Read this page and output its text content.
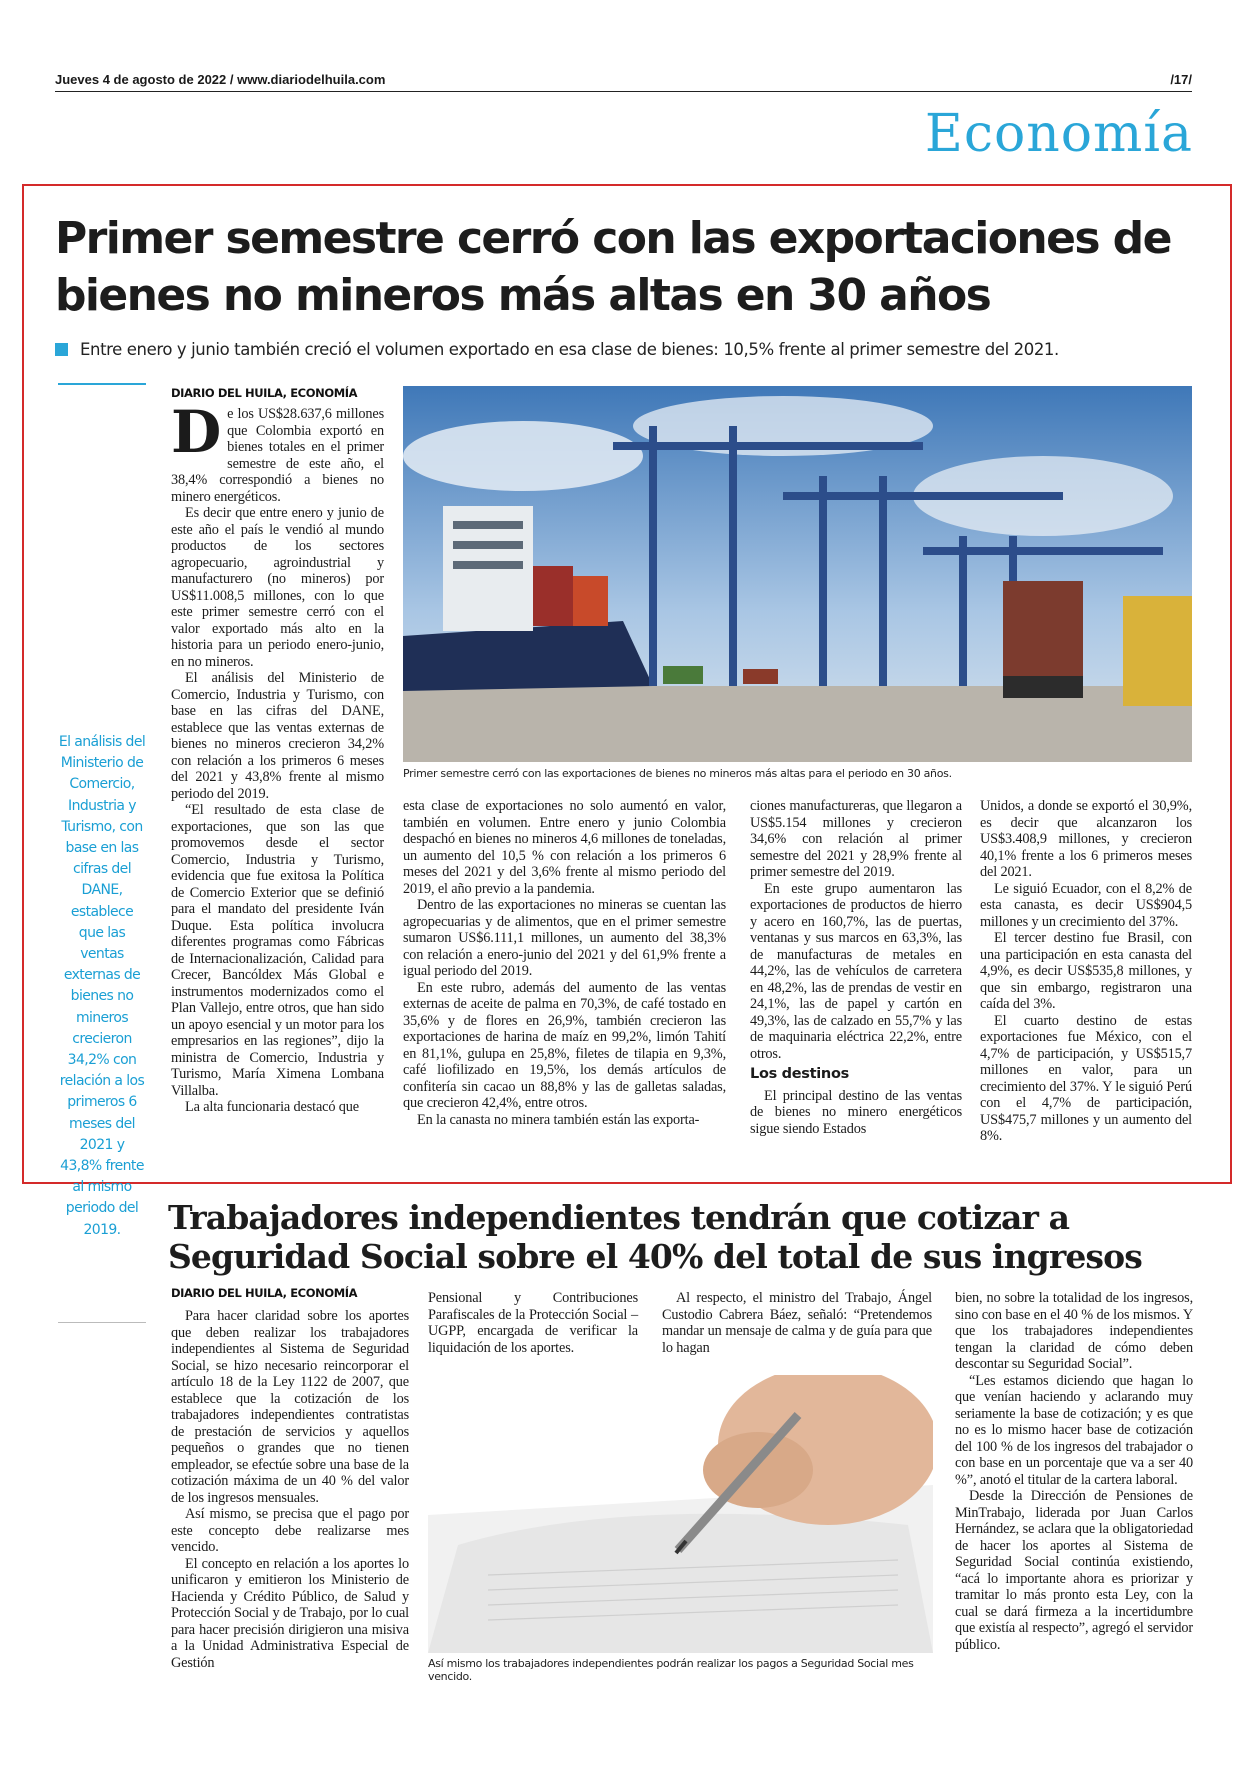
Jueves 4 de agosto de 2022 / www.diariodelhuila.com	/17/
Economía
Primer semestre cerró con las exportaciones de bienes no mineros más altas en 30 años
Entre enero y junio también creció el volumen exportado en esa clase de bienes: 10,5% frente al primer semestre del 2021.
El análisis del Ministerio de Comercio, Industria y Turismo, con base en las cifras del DANE, establece que las ventas externas de bienes no mineros crecieron 34,2% con relación a los primeros 6 meses del 2021 y 43,8% frente al mismo periodo del 2019.
DIARIO DEL HUILA, ECONOMÍA

De los US$28.637,6 millones que Colombia exportó en bienes totales en el primer semestre de este año, el 38,4% correspondió a bienes no minero energéticos.

Es decir que entre enero y junio de este año el país le vendió al mundo productos de los sectores agropecuario, agroindustrial y manufacturero (no mineros) por US$11.008,5 millones, con lo que este primer semestre cerró con el valor exportado más alto en la historia para un periodo enero-junio, en no mineros.

El análisis del Ministerio de Comercio, Industria y Turismo, con base en las cifras del DANE, establece que las ventas externas de bienes no mineros crecieron 34,2% con relación a los primeros 6 meses del 2021 y 43,8% frente al mismo periodo del 2019.

“El resultado de esta clase de exportaciones, que son las que promovemos desde el sector Comercio, Industria y Turismo, evidencia que fue exitosa la Política de Comercio Exterior que se definió para el mandato del presidente Iván Duque. Esta política involucra diferentes programas como Fábricas de Internacionalización, Calidad para Crecer, Bancóldex Más Global e instrumentos modernizados como el Plan Vallejo, entre otros, que han sido un apoyo esencial y un motor para los empresarios en las regiones”, dijo la ministra de Comercio, Industria y Turismo, María Ximena Lombana Villalba.

La alta funcionaria destacó que

Primer semestre cerró con las exportaciones de bienes no mineros más altas para el periodo en 30 años.

esta clase de exportaciones no solo aumentó en valor, también en volumen. Entre enero y junio Colombia despachó en bienes no mineros 4,6 millones de toneladas, un aumento del 10,5 % con relación a los primeros 6 meses del 2021 y del 3,6% frente al mismo periodo del 2019, el año previo a la pandemia.

Dentro de las exportaciones no mineras se cuentan las agropecuarias y de alimentos, que en el primer semestre sumaron US$6.111,1 millones, un aumento del 38,3% con relación a enero-junio del 2021 y del 61,9% frente a igual periodo del 2019.

En este rubro, además del aumento de las ventas externas de aceite de palma en 70,3%, de café tostado en 35,6% y de flores en 26,9%, también crecieron las exportaciones de harina de maíz en 99,2%, limón Tahití en 81,1%, gulupa en 25,8%, filetes de tilapia en 9,3%, café liofilizado en 19,5%, los demás artículos de confitería sin cacao un 88,8% y las de galletas saladas, que crecieron 42,4%, entre otros.

En la canasta no minera también están las exporta-

ciones manufactureras, que llegaron a US$5.154 millones y crecieron 34,6% con relación al primer semestre del 2021 y 28,9% frente al primer semestre del 2019.

En este grupo aumentaron las exportaciones de productos de hierro y acero en 160,7%, las de puertas, ventanas y sus marcos en 63,3%, las de manufacturas de metales en 44,2%, las de vehículos de carretera en 48,2%, las de prendas de vestir en 24,1%, las de papel y cartón en 49,3%, las de calzado en 55,7% y las de maquinaria eléctrica 22,2%, entre otros.

Los destinos

El principal destino de las ventas de bienes no minero energéticos sigue siendo Estados

Unidos, a donde se exportó el 30,9%, es decir que alcanzaron los US$3.408,9 millones, y crecieron 40,1% frente a los 6 primeros meses del 2021.

Le siguió Ecuador, con el 8,2% de esta canasta, es decir US$904,5 millones y un crecimiento del 37%.

El tercer destino fue Brasil, con una participación en esta canasta del 4,9%, es decir US$535,8 millones, y que sin embargo, registraron una caída del 3%.

El cuarto destino de estas exportaciones fue México, con el 4,7% de participación, y US$515,7 millones en valor, para un crecimiento del 37%. Y le siguió Perú con el 4,7% de participación, US$475,7 millones y un aumento del 8%.

Trabajadores independientes tendrán que cotizar a Seguridad Social sobre el 40% del total de sus ingresos
DIARIO DEL HUILA, ECONOMÍA

Para hacer claridad sobre los aportes que deben realizar los trabajadores independientes al Sistema de Seguridad Social, se hizo necesario reincorporar el artículo 18 de la Ley 1122 de 2007, que establece que la cotización de los trabajadores independientes contratistas de prestación de servicios y aquellos pequeños o grandes que no tienen empleador, se efectúe sobre una base de la cotización máxima de un 40 % del valor de los ingresos mensuales.

Así mismo, se precisa que el pago por este concepto debe realizarse mes vencido.

El concepto en relación a los aportes lo unificaron y emitieron los Ministerio de Hacienda y Crédito Público, de Salud y Protección Social y de Trabajo, por lo cual para hacer precisión dirigieron una misiva a la Unidad Administrativa Especial de Gestión

Pensional y Contribuciones Parafiscales de la Protección Social –UGPP, encargada de verificar la liquidación de los aportes.

Al respecto, el ministro del Trabajo, Ángel Custodio Cabrera Báez, señaló: “Pretendemos mandar un mensaje de calma y de guía para que lo hagan

Así mismo los trabajadores independientes podrán realizar los pagos a Seguridad Social mes vencido.

bien, no sobre la totalidad de los ingresos, sino con base en el 40 % de los mismos. Y que los trabajadores independientes tengan la claridad de cómo deben descontar su Seguridad Social”.

“Les estamos diciendo que hagan lo que venían haciendo y aclarando muy seriamente la base de cotización; y es que no es lo mismo hacer base de cotización del 100 % de los ingresos del trabajador o con base en un porcentaje que va a ser 40 %”, anotó el titular de la cartera laboral.

Desde la Dirección de Pensiones de MinTrabajo, liderada por Juan Carlos Hernández, se aclara que la obligatoriedad de hacer los aportes al Sistema de Seguridad Social continúa existiendo, “acá lo importante ahora es priorizar y tramitar lo más pronto esta Ley, con la cual se dará firmeza a la incertidumbre que existía al respecto”, agregó el servidor público.
